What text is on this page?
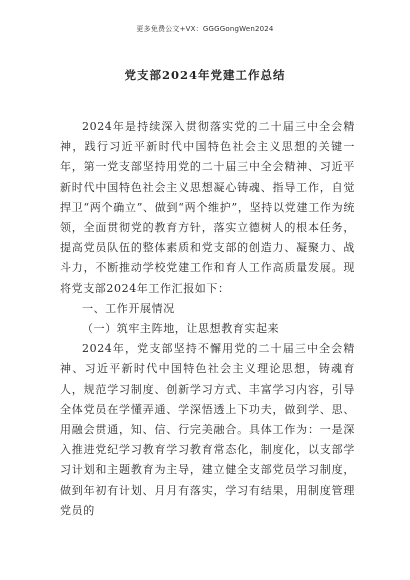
更多免费公文+VX：GGGGongWen2024
党支部2024年党建工作总结

2024年是持续深入贯彻落实党的二十届三中全会精神，践行习近平新时代中国特色社会主义思想的关键一年，第一党支部坚持用党的二十届三中全会精神、习近平新时代中国特色社会主义思想凝心铸魂、指导工作，自觉捍卫“两个确立”、做到“两个维护”，坚持以党建工作为统领，全面贯彻党的教育方针，落实立德树人的根本任务，提高党员队伍的整体素质和党支部的创造力、凝聚力、战斗力，不断推动学校党建工作和育人工作高质量发展。现将党支部2024年工作汇报如下：

一、工作开展情况

（一）筑牢主阵地，让思想教育实起来

2024年，党支部坚持不懈用党的二十届三中全会精神、习近平新时代中国特色社会主义理论思想，铸魂育人，规范学习制度、创新学习方式、丰富学习内容，引导全体党员在学懂弄通、学深悟透上下功夫，做到学、思、用融会贯通，知、信、行完美融合。具体工作为：一是深入推进党纪学习教育学习教育常态化，制度化，以支部学习计划和主题教育为主导，建立健全支部党员学习制度，做到年初有计划、月月有落实，学习有结果，用制度管理党员的
